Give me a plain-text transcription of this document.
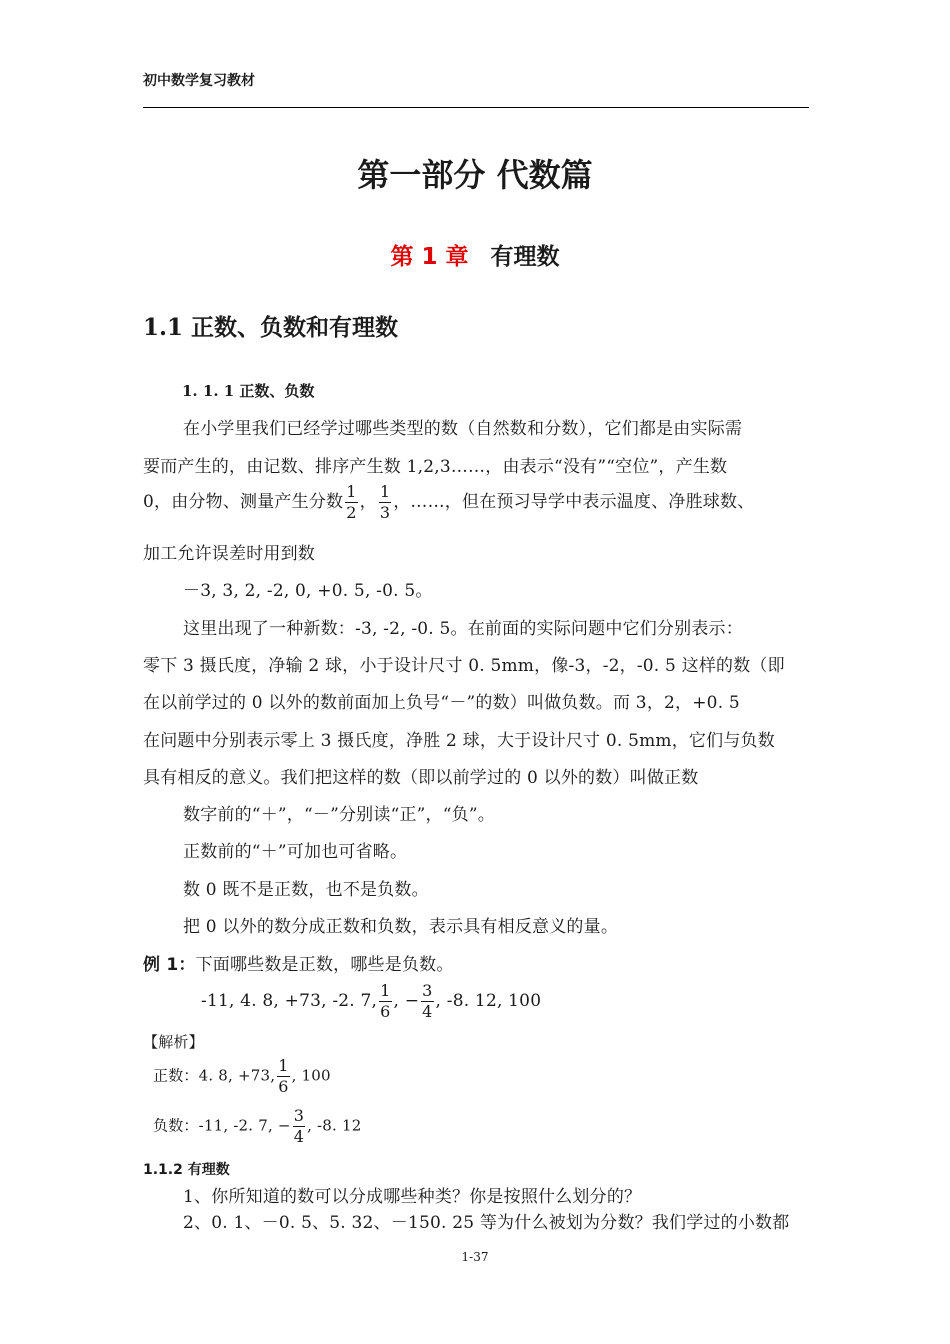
初中数学复习教材
第一部分 代数篇
第 1 章 有理数
1.1 正数、负数和有理数
1. 1. 1 正数、负数
在小学里我们已经学过哪些类型的数（自然数和分数），它们都是由实际需
要而产生的，由记数、排序产生数 1,2,3……，由表示“没有”“空位”，产生数
0，由分物、测量产生分数 $\frac{1}{2}$ ， $\frac{1}{3}$ ，……，但在预习导学中表示温度、净胜球数、
加工允许误差时用到数
－3, 3, 2, -2, 0, +0. 5, -0. 5。
这里出现了一种新数：-3, -2, -0. 5。在前面的实际问题中它们分别表示：
零下 3 摄氏度，净输 2 球，小于设计尺寸 0. 5mm，像-3，-2，-0. 5 这样的数（即
在以前学过的 0 以外的数前面加上负号“－”的数）叫做负数。而 3，2，+0. 5
在问题中分别表示零上 3 摄氏度，净胜 2 球，大于设计尺寸 0. 5mm，它们与负数
具有相反的意义。我们把这样的数（即以前学过的 0 以外的数）叫做正数
数字前的“＋”，“－”分别读“正”，“负”。
正数前的“＋”可加也可省略。
数 0 既不是正数，也不是负数。
把 0 以外的数分成正数和负数，表示具有相反意义的量。
例 1：下面哪些数是正数，哪些是负数。
-11, 4. 8, +73, -2. 7, $\frac{1}{6}$ , − $\frac{3}{4}$ , -8. 12, 100
【解析】
正数：4. 8, +73, $\frac{1}{6}$ , 100
负数：-11, -2. 7, − $\frac{3}{4}$ , -8. 12
1.1.2 有理数
1、你所知道的数可以分成哪些种类？你是按照什么划分的？
2、0. 1、－0. 5、5. 32、－150. 25 等为什么被划为分数？我们学过的小数都
1-37
